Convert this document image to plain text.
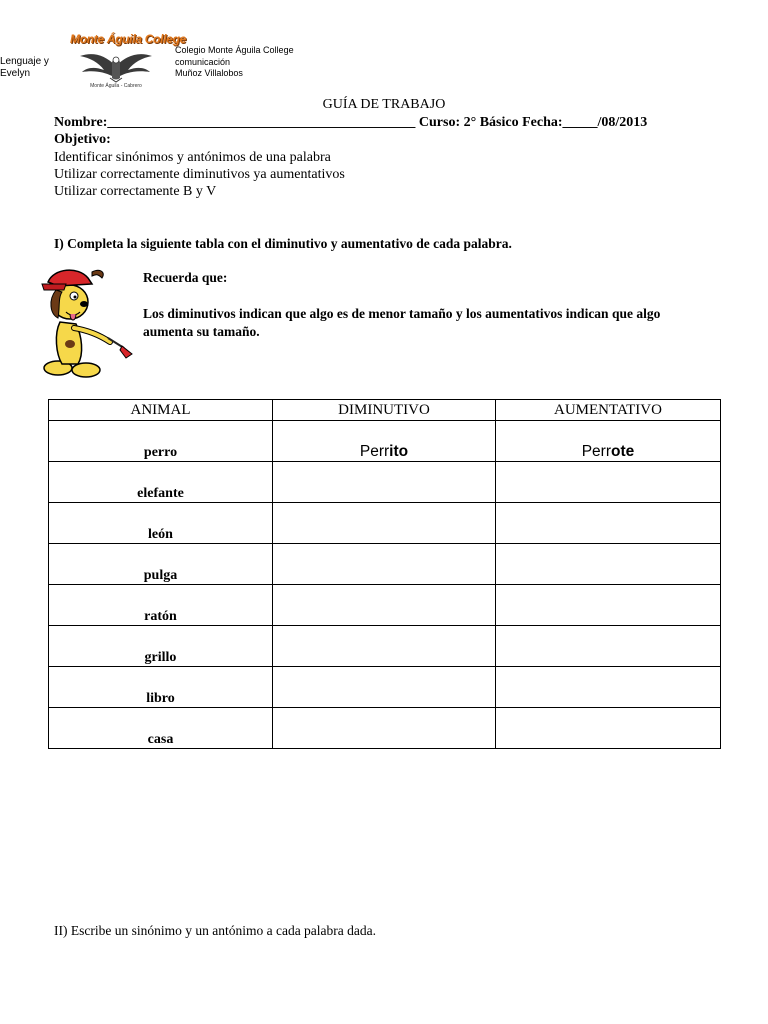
Lenguaje y
Evelyn
Monte Águila College
Monte Águila - Cabrero
Colegio Monte Águila College
comunicación
Muñoz Villalobos
GUÍA DE TRABAJO
Nombre:____________________________________________ Curso: 2° Básico Fecha:_____/08/2013
Objetivo:
Identificar sinónimos y antónimos de una palabra
Utilizar correctamente diminutivos ya aumentativos
Utilizar correctamente B y V
I) Completa la siguiente tabla con el diminutivo y aumentativo de cada palabra.
Recuerda que:
Los diminutivos indican que algo es de menor tamaño y los aumentativos indican que algo aumenta su tamaño.
ANIMAL	DIMINUTIVO	AUMENTATIVO
perro	Perrito	Perrote
elefante		
león		
pulga		
ratón		
grillo		
libro		
casa		
II) Escribe un sinónimo y un antónimo a cada palabra dada.
